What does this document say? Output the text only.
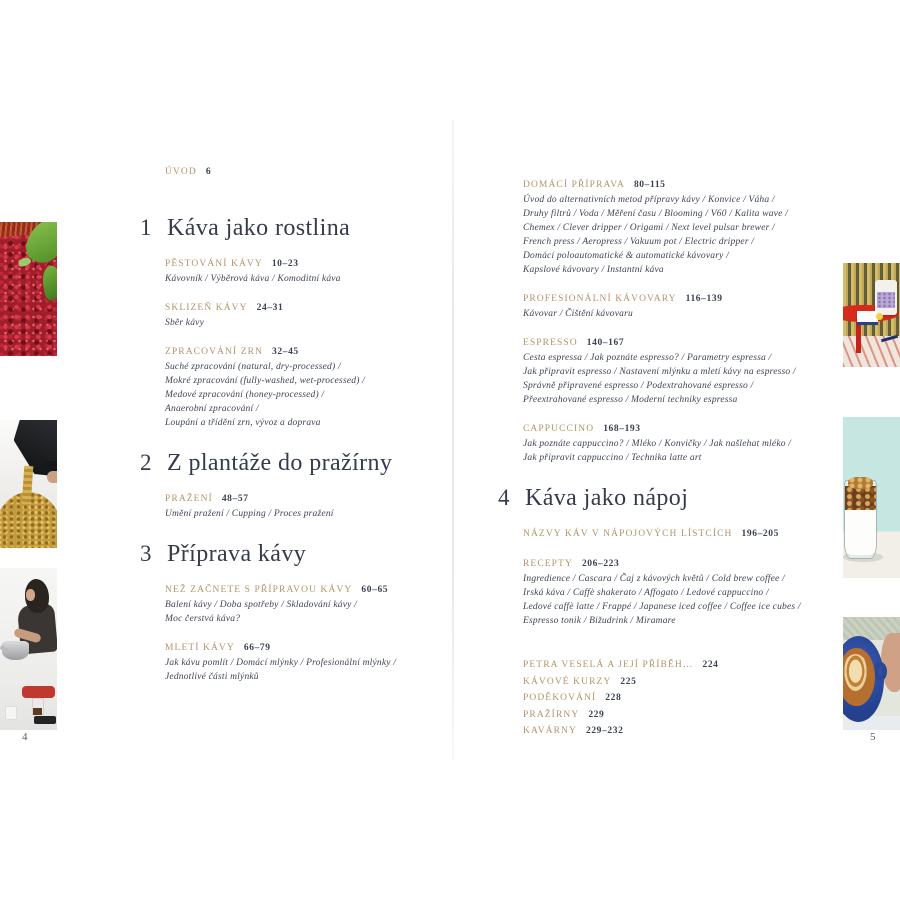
ÚVOD 6
1 Káva jako rostlina
PĚSTOVÁNÍ KÁVY 10–23
Kávovník / Výběrová káva / Komoditní káva
SKLIZEŇ KÁVY 24–31
Sběr kávy
ZPRACOVÁNÍ ZRN 32–45
Suché zpracování (natural, dry-processed) /
Mokré zpracování (fully-washed, wet-processed) /
Medové zpracování (honey-processed) /
Anaerobní zpracování /
Loupání a třídění zrn, vývoz a doprava
2 Z plantáže do pražírny
PRAŽENÍ 48–57
Umění pražení / Cupping / Proces pražení
3 Příprava kávy
NEŽ ZAČNETE S PŘÍPRAVOU KÁVY 60–65
Balení kávy / Doba spotřeby / Skladování kávy /
Moc čerstvá káva?
MLETÍ KÁVY 66–79
Jak kávu pomlít / Domácí mlýnky / Profesionální mlýnky /
Jednotlivé části mlýnků
DOMÁCÍ PŘÍPRAVA 80–115
Úvod do alternativních metod přípravy kávy / Konvice / Váha /
Druhy filtrů / Voda / Měření času / Blooming / V60 / Kalita wave /
Chemex / Clever dripper / Origami / Next level pulsar brewer /
French press / Aeropress / Vakuum pot / Electric dripper /
Domácí poloautomatické & automatické kávovary /
Kapslové kávovary / Instantní káva
PROFESIONÁLNÍ KÁVOVARY 116–139
Kávovar / Čištění kávovaru
ESPRESSO 140–167
Cesta espressa / Jak poznáte espresso? / Parametry espressa /
Jak připravit espresso / Nastavení mlýnku a mletí kávy na espresso /
Správně připravené espresso / Podextrahované espresso /
Přeextrahované espresso / Moderní techniky espressa
CAPPUCCINO 168–193
Jak poznáte cappuccino? / Mléko / Konvičky / Jak našlehat mléko /
Jak připravit cappuccino / Technika latte art
4 Káva jako nápoj
NÁZVY KÁV V NÁPOJOVÝCH LÍSTCÍCH 196–205
RECEPTY 206–223
Ingredience / Cascara / Čaj z kávových květů / Cold brew coffee /
Irská káva / Caffè shakerato / Affogato / Ledové cappuccino /
Ledové caffè latte / Frappé / Japanese iced coffee / Coffee ice cubes /
Espresso tonik / Bižudrink / Miramare
PETRA VESELÁ A JEJÍ PŘÍBĚH… 224
KÁVOVÉ KURZY 225
PODĚKOVÁNÍ 228
PRAŽÍRNY 229
KAVÁRNY 229–232
4	5
